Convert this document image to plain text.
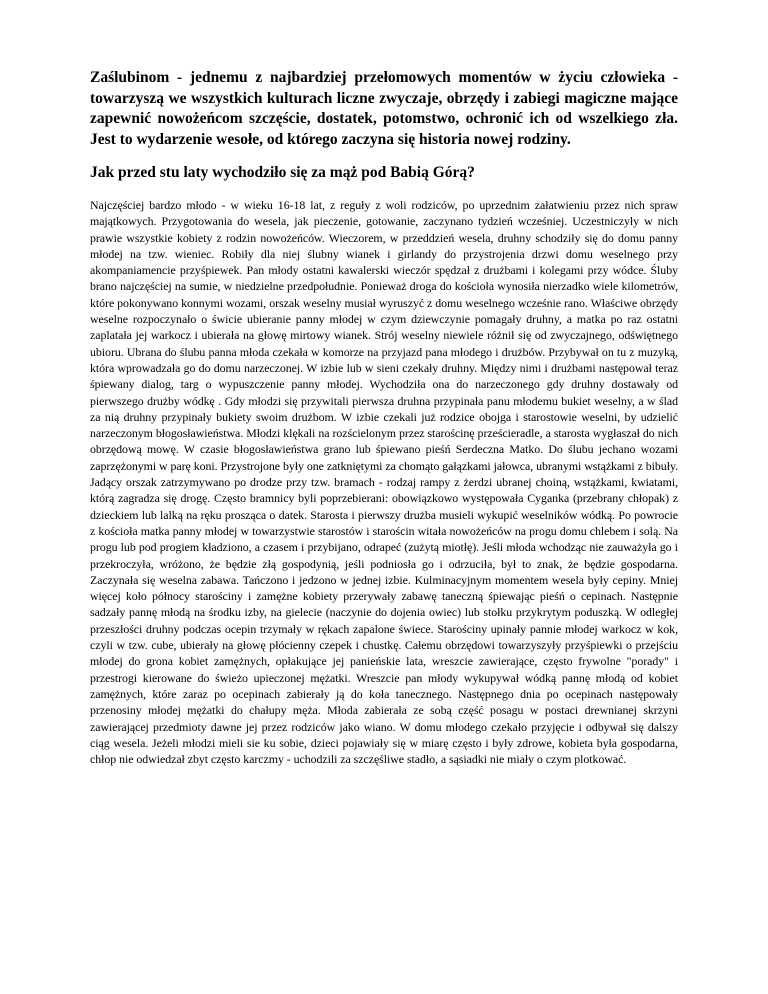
Zaślubinom - jednemu z najbardziej przełomowych momentów w życiu człowieka - towarzyszą we wszystkich kulturach liczne zwyczaje, obrzędy i zabiegi magiczne mające zapewnić nowożeńcom szczęście, dostatek, potomstwo, ochronić ich od wszelkiego zła. Jest to wydarzenie wesołe, od którego zaczyna się historia nowej rodziny.

Jak przed stu laty wychodziło się za mąż pod Babią Górą?

Najczęściej bardzo młodo - w wieku 16-18 lat, z reguły z woli rodziców, po uprzednim załatwieniu przez nich spraw majątkowych. Przygotowania do wesela, jak pieczenie, gotowanie, zaczynano tydzień wcześniej. Uczestniczyły w nich prawie wszystkie kobiety z rodzin nowożeńców. Wieczorem, w przeddzień wesela, druhny schodziły się do domu panny młodej na tzw. wieniec. Robiły dla niej ślubny wianek i girlandy do przystrojenia drzwi domu weselnego przy akompaniamencie przyśpiewek. Pan młody ostatni kawalerski wieczór spędzał z drużbami i kolegami przy wódce. Śluby brano najczęściej na sumie, w niedzielne przedpołudnie. Ponieważ droga do kościoła wynosiła nierzadko wiele kilometrów, które pokonywano konnymi wozami, orszak weselny musiał wyruszyć z domu weselnego wcześnie rano. Właściwe obrzędy weselne rozpoczynało o świcie ubieranie panny młodej w czym dziewczynie pomagały druhny, a matka po raz ostatni zaplatała jej warkocz i ubierała na głowę mirtowy wianek. Strój weselny niewiele różnił się od zwyczajnego, odświętnego ubioru. Ubrana do ślubu panna młoda czekała w komorze na przyjazd pana młodego i drużbów. Przybywał on tu z muzyką, która wprowadzała go do domu narzeczonej. W izbie lub w sieni czekały druhny. Między nimi i drużbami następował teraz śpiewany dialog, targ o wypuszczenie panny młodej. Wychodziła ona do narzeczonego gdy druhny dostawały od pierwszego drużby wódkę . Gdy młodzi się przywitali pierwsza druhna przypinała panu młodemu bukiet weselny, a w ślad za nią druhny przypinały bukiety swoim drużbom. W izbie czekali już rodzice obojga i starostowie weselni, by udzielić narzeczonym błogosławieństwa. Młodzi klękali na rozścielonym przez starościnę prześcieradle, a starosta wygłaszał do nich obrzędową mowę. W czasie błogosławieństwa grano lub śpiewano pieśń Serdeczna Matko. Do ślubu jechano wozami zaprzężonymi w parę koni. Przystrojone były one zatkniętymi za chomąto gałązkami jałowca, ubranymi wstążkami z bibuły. Jadący orszak zatrzymywano po drodze przy tzw. bramach - rodzaj rampy z żerdzi ubranej choiną, wstążkami, kwiatami, którą zagradza się drogę. Często bramnicy byli poprzebierani: obowiązkowo występowała Cyganka (przebrany chłopak) z dzieckiem lub lalką na ręku prosząca o datek. Starosta i pierwszy drużba musieli wykupić weselników wódką. Po powrocie z kościoła matka panny młodej w towarzystwie starostów i starościn witała nowożeńców na progu domu chlebem i solą. Na progu lub pod progiem kładziono, a czasem i przybijano, odrapeć (zużytą miotłę). Jeśli młoda wchodząc nie zauważyła go i przekroczyła, wróżono, że będzie złą gospodynią, jeśli podniosła go i odrzuciła, był to znak, że będzie gospodarna. Zaczynała się weselna zabawa. Tańczono i jedzono w jednej izbie. Kulminacyjnym momentem wesela były cepiny. Mniej więcej koło północy starościny i zamężne kobiety przerywały zabawę taneczną śpiewając pieśń o cepinach. Następnie sadzały pannę młodą na środku izby, na gielecie (naczynie do dojenia owiec) lub stołku przykrytym poduszką. W odległej przeszłości druhny podczas ocepin trzymały w rękach zapalone świece. Starościny upinały pannie młodej warkocz w kok, czyli w tzw. cube, ubierały na głowę płócienny czepek i chustkę. Całemu obrzędowi towarzyszyły przyśpiewki o przejściu młodej do grona kobiet zamężnych, opłakujące jej panieńskie lata, wreszcie zawierające, często frywolne "porady" i przestrogi kierowane do świeżo upieczonej mężatki. Wreszcie pan młody wykupywał wódką pannę młodą od kobiet zamężnych, które zaraz po ocepinach zabierały ją do koła tanecznego. Następnego dnia po ocepinach następowały przenosiny młodej mężatki do chałupy męża. Młoda zabierała ze sobą część posagu w postaci drewnianej skrzyni zawierającej przedmioty dawne jej przez rodziców jako wiano. W domu młodego czekało przyjęcie i odbywał się dalszy ciąg wesela. Jeżeli młodzi mieli sie ku sobie, dzieci pojawiały się w miarę często i były zdrowe, kobieta była gospodarna, chłop nie odwiedzał zbyt często karczmy - uchodzili za szczęśliwe stadło, a sąsiadki nie miały o czym plotkować.
